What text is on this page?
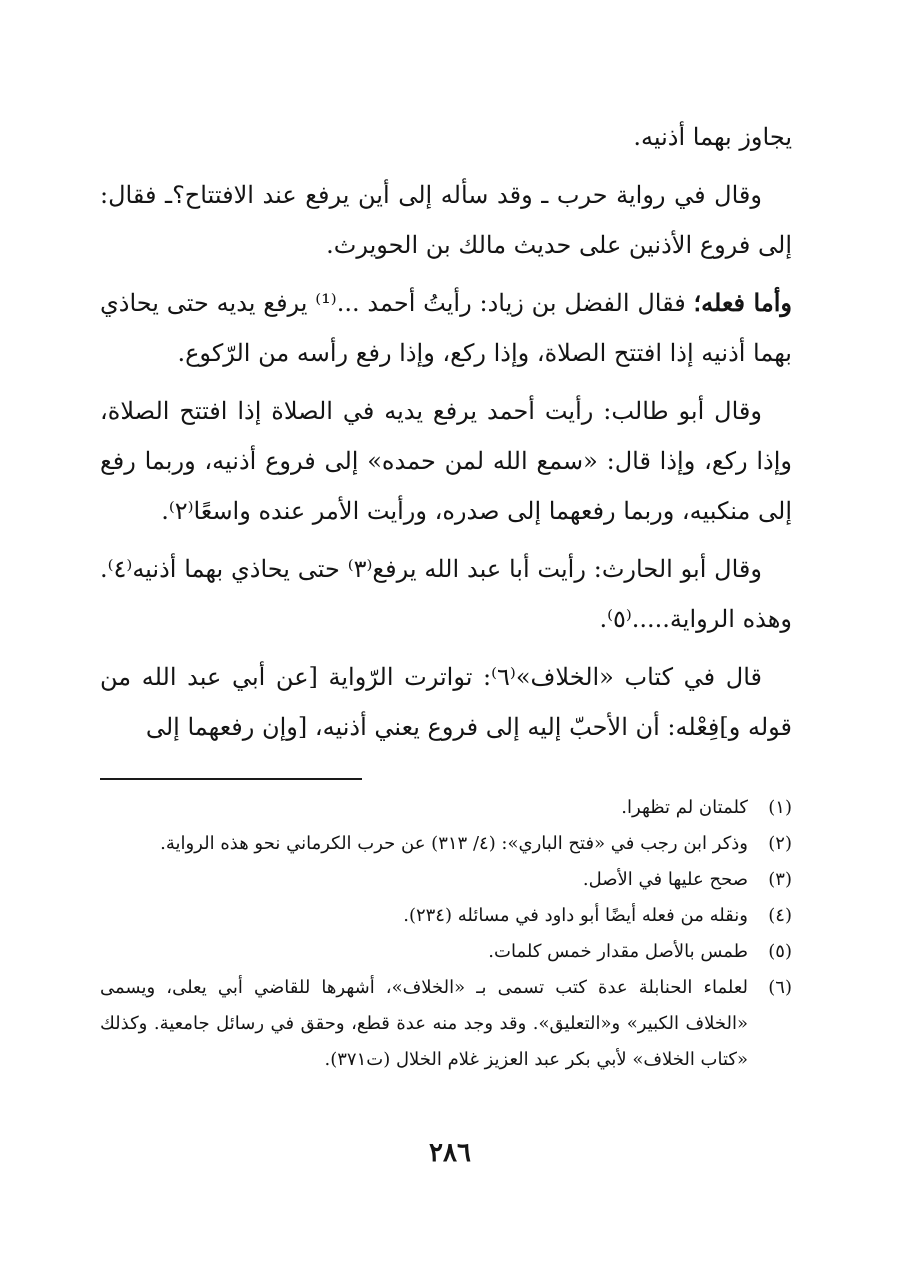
يجاوز بهما أذنيه.

وقال في رواية حرب ـ وقد سأله إلى أين يرفع عند الافتتاح؟ـ فقال: إلى فروع الأذنين على حديث مالك بن الحويرث.

وأما فعله؛ فقال الفضل بن زياد: رأيتُ أحمد ...⁽¹⁾ يرفع يديه حتى يحاذي بهما أذنيه إذا افتتح الصلاة، وإذا ركع، وإذا رفع رأسه من الرّكوع.

وقال أبو طالب: رأيت أحمد يرفع يديه في الصلاة إذا افتتح الصلاة، وإذا ركع، وإذا قال: «سمع الله لمن حمده» إلى فروع أذنيه، وربما رفع إلى منكبيه، وربما رفعهما إلى صدره، ورأيت الأمر عنده واسعًا⁽٢⁾.

وقال أبو الحارث: رأيت أبا عبد الله يرفع⁽٣⁾ حتى يحاذي بهما أذنيه⁽٤⁾. وهذه الرواية.....⁽٥⁾.

قال في كتاب «الخلاف»⁽٦⁾: تواترت الرّواية [عن أبي عبد الله من قوله و]فِعْله: أن الأحبّ إليه إلى فروع يعني أذنيه، [وإن رفعهما إلى

(١)
كلمتان لم تظهرا.
(٢)
وذكر ابن رجب في «فتح الباري»: (٤/ ٣١٣) عن حرب الكرماني نحو هذه الرواية.
(٣)
صحح عليها في الأصل.
(٤)
ونقله من فعله أيضًا أبو داود في مسائله (٢٣٤).
(٥)
طمس بالأصل مقدار خمس كلمات.
(٦)
لعلماء الحنابلة عدة كتب تسمى بـ «الخلاف»، أشهرها للقاضي أبي يعلى، ويسمى «الخلاف الكبير» و«التعليق». وقد وجد منه عدة قطع، وحقق في رسائل جامعية. وكذلك «كتاب الخلاف» لأبي بكر عبد العزيز غلام الخلال (ت٣٧١).
٢٨٦
